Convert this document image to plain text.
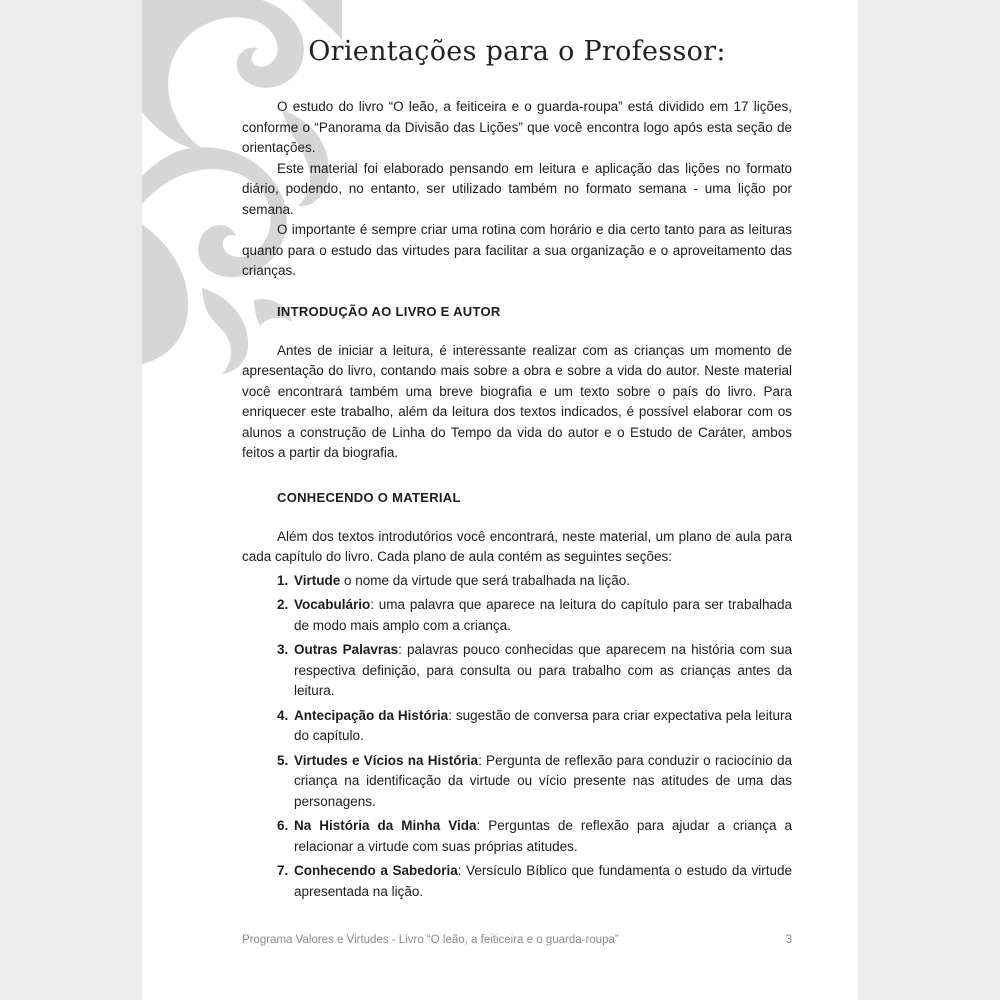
Orientações para o Professor:

O estudo do livro “O leão, a feiticeira e o guarda-roupa” está dividido em 17 lições, conforme o “Panorama da Divisão das Lições” que você encontra logo após esta seção de orientações.

Este material foi elaborado pensando em leitura e aplicação das lições no formato diário, podendo, no entanto, ser utilizado também no formato semana - uma lição por semana.

O importante é sempre criar uma rotina com horário e dia certo tanto para as leituras quanto para o estudo das virtudes para facilitar a sua organização e o aproveitamento das crianças.

INTRODUÇÃO AO LIVRO E AUTOR

Antes de iniciar a leitura, é interessante realizar com as crianças um momento de apresentação do livro, contando mais sobre a obra e sobre a vida do autor. Neste material você encontrará também uma breve biografia e um texto sobre o país do livro. Para enriquecer este trabalho, além da leitura dos textos indicados, é possível elaborar com os alunos a construção de Linha do Tempo da vida do autor e o Estudo de Caráter, ambos feitos a partir da biografia.

CONHECENDO O MATERIAL

Além dos textos introdutórios você encontrará, neste material, um plano de aula para cada capítulo do livro. Cada plano de aula contém as seguintes seções:

1. Virtude o nome da virtude que será trabalhada na lição.
2. Vocabulário: uma palavra que aparece na leitura do capítulo para ser trabalhada de modo mais amplo com a criança.
3. Outras Palavras: palavras pouco conhecidas que aparecem na história com sua respectiva definição, para consulta ou para trabalho com as crianças antes da leitura.
4. Antecipação da História: sugestão de conversa para criar expectativa pela leitura do capítulo.
5. Virtudes e Vícios na História: Pergunta de reflexão para conduzir o raciocínio da criança na identificação da virtude ou vício presente nas atitudes de uma das personagens.
6. Na História da Minha Vida: Perguntas de reflexão para ajudar a criança a relacionar a virtude com suas próprias atitudes.
7. Conhecendo a Sabedoria: Versículo Bíblico que fundamenta o estudo da virtude apresentada na lição.
Programa Valores e Virtudes - Livro “O leão, a feiticeira e o guarda-roupa”	3
